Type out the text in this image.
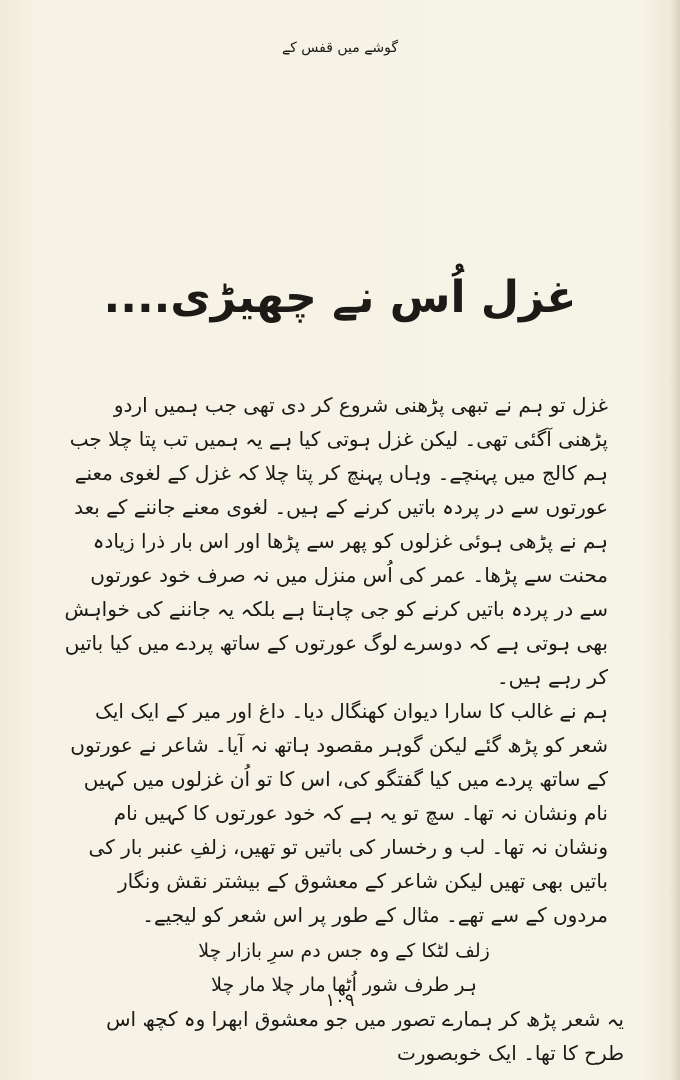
گوشے میں قفس کے
غزل اُس نے چھیڑی....

غزل تو ہم نے تبھی پڑھنی شروع کر دی تھی جب ہمیں اردو پڑھنی آگئی تھی۔ لیکن غزل ہوتی کیا ہے یہ ہمیں تب پتا چلا جب ہم کالج میں پہنچے۔ وہاں پہنچ کر پتا چلا کہ غزل کے لغوی معنے عورتوں سے در پردہ باتیں کرنے کے ہیں۔ لغوی معنے جاننے کے بعد ہم نے پڑھی ہوئی غزلوں کو پھر سے پڑھا اور اس بار ذرا زیادہ محنت سے پڑھا۔ عمر کی اُس منزل میں نہ صرف خود عورتوں سے در پردہ باتیں کرنے کو جی چاہتا ہے بلکہ یہ جاننے کی خواہش بھی ہوتی ہے کہ دوسرے لوگ عورتوں کے ساتھ پردے میں کیا باتیں کر رہے ہیں۔

ہم نے غالب کا سارا دیوان کھنگال دیا۔ داغ اور میر کے ایک ایک شعر کو پڑھ گئے لیکن گوہر مقصود ہاتھ نہ آیا۔ شاعر نے عورتوں کے ساتھ پردے میں کیا گفتگو کی، اس کا تو اُن غزلوں میں کہیں نام ونشان نہ تھا۔ سچ تو یہ ہے کہ خود عورتوں کا کہیں نام ونشان نہ تھا۔ لب و رخسار کی باتیں تو تھیں، زلفِ عنبر بار کی باتیں بھی تھیں لیکن شاعر کے معشوق کے بیشتر نقش ونگار مردوں کے سے تھے۔ مثال کے طور پر اس شعر کو لیجیے۔

زلف لٹکا کے وہ جس دم سرِ بازار چلا
ہر طرف شور اُٹھا مار چلا مار چلا

یہ شعر پڑھ کر ہمارے تصور میں جو معشوق ابھرا وہ کچھ اس طرح کا تھا۔ ایک خوبصورت

۱۰۹
